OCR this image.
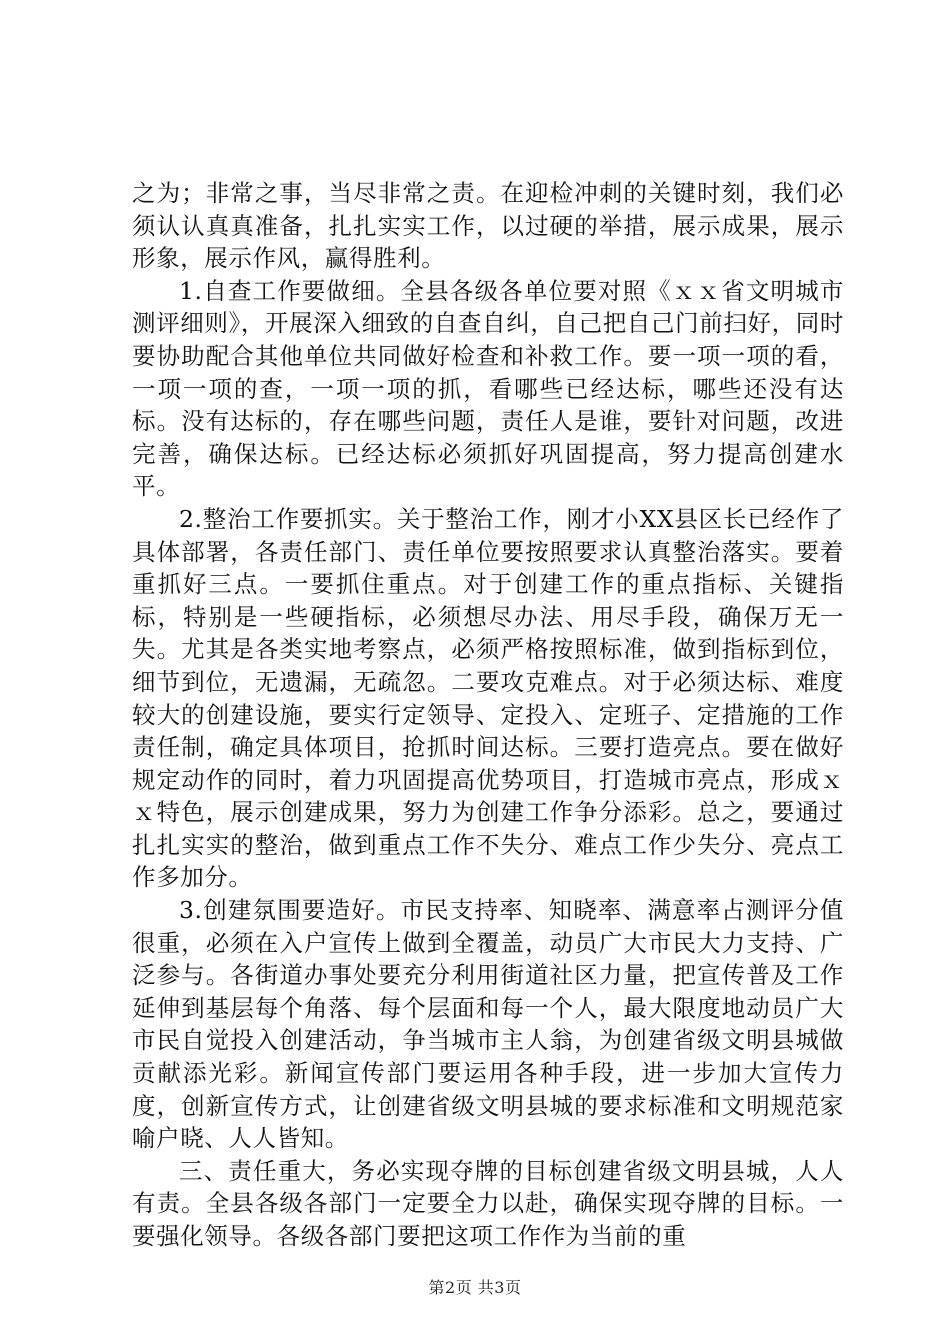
之为；非常之事，当尽非常之责。在迎检冲刺的关键时刻，我们必须认认真真准备，扎扎实实工作，以过硬的举措，展示成果，展示形象，展示作风，赢得胜利。

1.自查工作要做细。全县各级各单位要对照《ｘｘ省文明城市测评细则》，开展深入细致的自查自纠，自己把自己门前扫好，同时要协助配合其他单位共同做好检查和补救工作。要一项一项的看，一项一项的查，一项一项的抓，看哪些已经达标，哪些还没有达标。没有达标的，存在哪些问题，责任人是谁，要针对问题，改进完善，确保达标。已经达标必须抓好巩固提高，努力提高创建水平。

2.整治工作要抓实。关于整治工作，刚才小XX县区长已经作了具体部署，各责任部门、责任单位要按照要求认真整治落实。要着重抓好三点。一要抓住重点。对于创建工作的重点指标、关键指标，特别是一些硬指标，必须想尽办法、用尽手段，确保万无一失。尤其是各类实地考察点，必须严格按照标准，做到指标到位，细节到位，无遗漏，无疏忽。二要攻克难点。对于必须达标、难度较大的创建设施，要实行定领导、定投入、定班子、定措施的工作责任制，确定具体项目，抢抓时间达标。三要打造亮点。要在做好规定动作的同时，着力巩固提高优势项目，打造城市亮点，形成ｘｘ特色，展示创建成果，努力为创建工作争分添彩。总之，要通过扎扎实实的整治，做到重点工作不失分、难点工作少失分、亮点工作多加分。

3.创建氛围要造好。市民支持率、知晓率、满意率占测评分值很重，必须在入户宣传上做到全覆盖，动员广大市民大力支持、广泛参与。各街道办事处要充分利用街道社区力量，把宣传普及工作延伸到基层每个角落、每个层面和每一个人，最大限度地动员广大市民自觉投入创建活动，争当城市主人翁，为创建省级文明县城做贡献添光彩。新闻宣传部门要运用各种手段，进一步加大宣传力度，创新宣传方式，让创建省级文明县城的要求标准和文明规范家喻户晓、人人皆知。

三、责任重大，务必实现夺牌的目标创建省级文明县城，人人有责。全县各级各部门一定要全力以赴，确保实现夺牌的目标。一要强化领导。各级各部门要把这项工作作为当前的重

第2页 共3页
